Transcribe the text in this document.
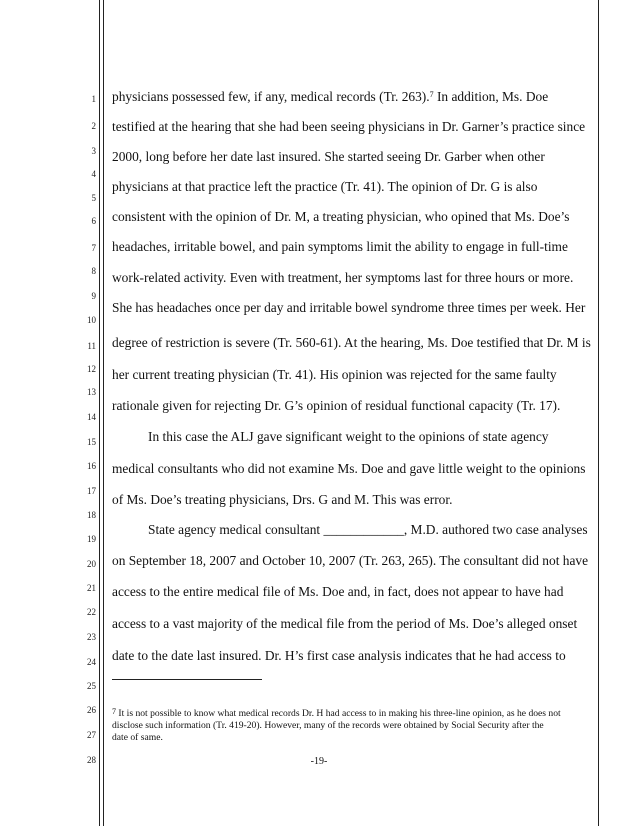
1
2
3
4
5
6
7
8
9
10
11
12
13
14
15
16
17
18
19
20
21
22
23
24
25
26
27
28
physicians possessed few, if any, medical records (Tr. 263).$^7$ In addition, Ms. Doe
testified at the hearing that she had been seeing physicians in Dr. Garner’s practice since
2000, long before her date last insured. She started seeing Dr. Garber when other
physicians at that practice left the practice (Tr. 41). The opinion of Dr. G is also
consistent with the opinion of Dr. M, a treating physician, who opined that Ms. Doe’s
headaches, irritable bowel, and pain symptoms limit the ability to engage in full-time
work-related activity. Even with treatment, her symptoms last for three hours or more.
She has headaches once per day and irritable bowel syndrome three times per week. Her
degree of restriction is severe (Tr. 560-61). At the hearing, Ms. Doe testified that Dr. M is
her current treating physician (Tr. 41). His opinion was rejected for the same faulty
rationale given for rejecting Dr. G’s opinion of residual functional capacity (Tr. 17).
In this case the ALJ gave significant weight to the opinions of state agency
medical consultants who did not examine Ms. Doe and gave little weight to the opinions
of Ms. Doe’s treating physicians, Drs. G and M. This was error.
State agency medical consultant ____________, M.D. authored two case analyses
on September 18, 2007 and October 10, 2007 (Tr. 263, 265). The consultant did not have
access to the entire medical file of Ms. Doe and, in fact, does not appear to have had
access to a vast majority of the medical file from the period of Ms. Doe’s alleged onset
date to the date last insured. Dr. H’s first case analysis indicates that he had access to
$^7$ It is not possible to know what medical records Dr. H had access to in making his three-line opinion, as he does not
disclose such information (Tr. 419-20). However, many of the records were obtained by Social Security after the
date of same.
-19-
